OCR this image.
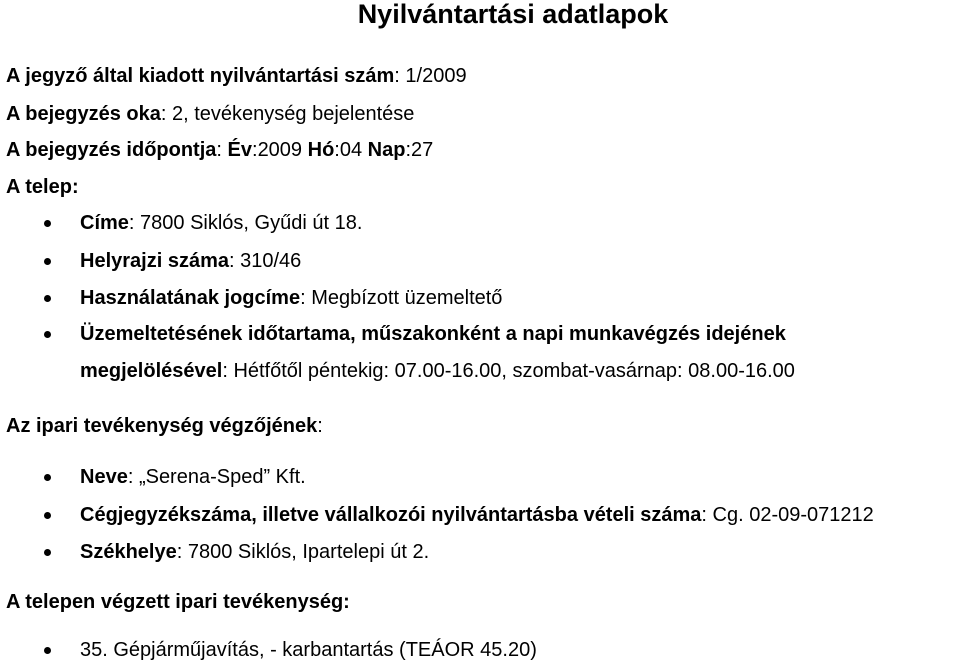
Nyilvántartási adatlapok
A jegyző által kiadott nyilvántartási szám: 1/2009
A bejegyzés oka: 2, tevékenység bejelentése
A bejegyzés időpontja: Év:2009 Hó:04 Nap:27
A telep:
Címe: 7800 Siklós, Gyűdi út 18.
Helyrajzi száma: 310/46
Használatának jogcíme: Megbízott üzemeltető
Üzemeltetésének időtartama, műszakonként a napi munkavégzés idejének
megjelölésével: Hétfőtől péntekig: 07.00-16.00, szombat-vasárnap: 08.00-16.00
Az ipari tevékenység végzőjének:
Neve: „Serena-Sped” Kft.
Cégjegyzékszáma, illetve vállalkozói nyilvántartásba vételi száma: Cg. 02-09-071212
Székhelye: 7800 Siklós, Ipartelepi út 2.
A telepen végzett ipari tevékenység:
35. Gépjárműjavítás, - karbantartás (TEÁOR 45.20)
